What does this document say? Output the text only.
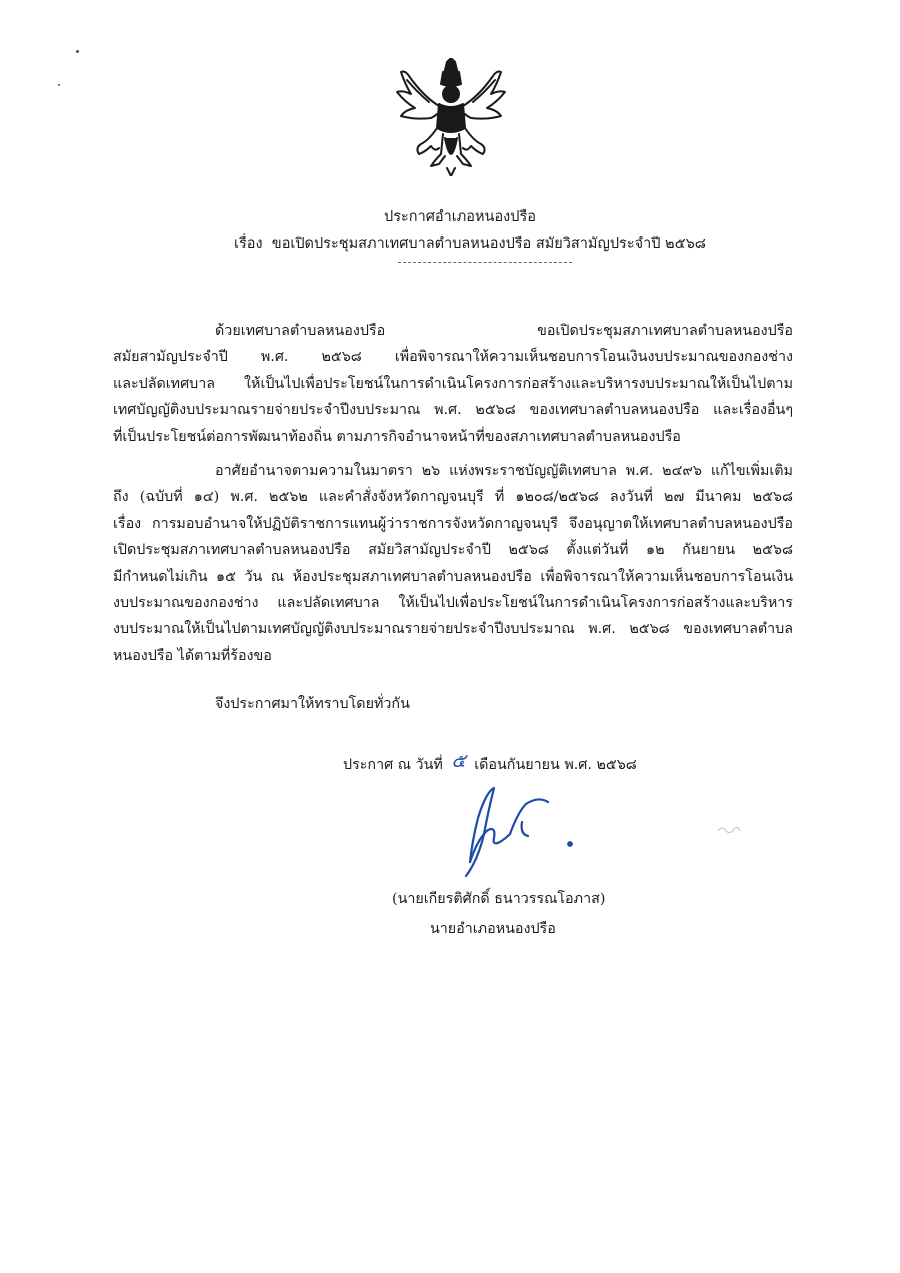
ประกาศอำเภอหนองปรือ
เรื่อง ขอเปิดประชุมสภาเทศบาลตำบลหนองปรือ สมัยวิสามัญประจำปี ๒๕๖๘
ด้วยเทศบาลตำบลหนองปรือ ขอเปิดประชุมสภาเทศบาลตำบลหนองปรือ
สมัยสามัญประจำปี พ.ศ. ๒๕๖๘ เพื่อพิจารณาให้ความเห็นชอบการโอนเงินงบประมาณของกองช่าง
และปลัดเทศบาล ให้เป็นไปเพื่อประโยชน์ในการดำเนินโครงการก่อสร้างและบริหารงบประมาณให้เป็นไปตาม
เทศบัญญัติงบประมาณรายจ่ายประจำปีงบประมาณ พ.ศ. ๒๕๖๘ ของเทศบาลตำบลหนองปรือ และเรื่องอื่นๆ
ที่เป็นประโยชน์ต่อการพัฒนาท้องถิ่น ตามภารกิจอำนาจหน้าที่ของสภาเทศบาลตำบลหนองปรือ
อาศัยอำนาจตามความในมาตรา ๒๖ แห่งพระราชบัญญัติเทศบาล พ.ศ. ๒๔๙๖ แก้ไขเพิ่มเติม
ถึง (ฉบับที่ ๑๔) พ.ศ. ๒๕๖๒ และคำสั่งจังหวัดกาญจนบุรี ที่ ๑๒๐๘/๒๕๖๘ ลงวันที่ ๒๗ มีนาคม ๒๕๖๘
เรื่อง การมอบอำนาจให้ปฏิบัติราชการแทนผู้ว่าราชการจังหวัดกาญจนบุรี จึงอนุญาตให้เทศบาลตำบลหนองปรือ
เปิดประชุมสภาเทศบาลตำบลหนองปรือ สมัยวิสามัญประจำปี ๒๕๖๘ ตั้งแต่วันที่ ๑๒ กันยายน ๒๕๖๘
มีกำหนดไม่เกิน ๑๕ วัน ณ ห้องประชุมสภาเทศบาลตำบลหนองปรือ เพื่อพิจารณาให้ความเห็นชอบการโอนเงิน
งบประมาณของกองช่าง และปลัดเทศบาล ให้เป็นไปเพื่อประโยชน์ในการดำเนินโครงการก่อสร้างและบริหาร
งบประมาณให้เป็นไปตามเทศบัญญัติงบประมาณรายจ่ายประจำปีงบประมาณ พ.ศ. ๒๕๖๘ ของเทศบาลตำบล
หนองปรือ ได้ตามที่ร้องขอ
จึงประกาศมาให้ทราบโดยทั่วกัน
ประกาศ ณ วันที่ ๕ เดือนกันยายน พ.ศ. ๒๕๖๘
(นายเกียรติศักดิ์ ธนาวรรณโอภาส)
นายอำเภอหนองปรือ
